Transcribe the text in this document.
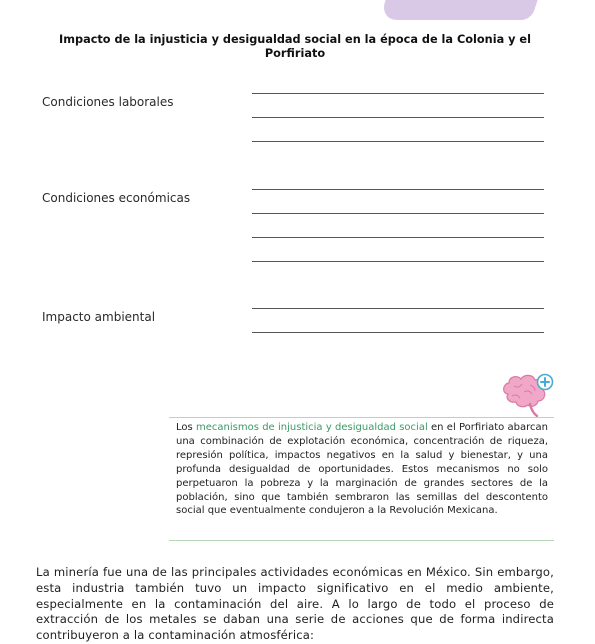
Impacto de la injusticia y desigualdad social en la época de la Colonia y el Porfiriato
Condiciones laborales
Condiciones económicas
Impacto ambiental
Los mecanismos de injusticia y desigualdad social en el Porfiriato abarcan una combinación de explotación económica, concentración de riqueza, represión política, impactos negativos en la salud y bienestar, y una profunda desigualdad de oportunidades. Estos mecanismos no solo perpetuaron la pobreza y la marginación de grandes sectores de la población, sino que también sembraron las semillas del descontento social que eventualmente condujeron a la Revolución Mexicana.
La minería fue una de las principales actividades económicas en México. Sin embargo, esta industria también tuvo un impacto significativo en el medio ambiente, especialmente en la contaminación del aire. A lo largo de todo el proceso de extracción de los metales se daban una serie de acciones que de forma indirecta contribuyeron a la contaminación atmosférica:
